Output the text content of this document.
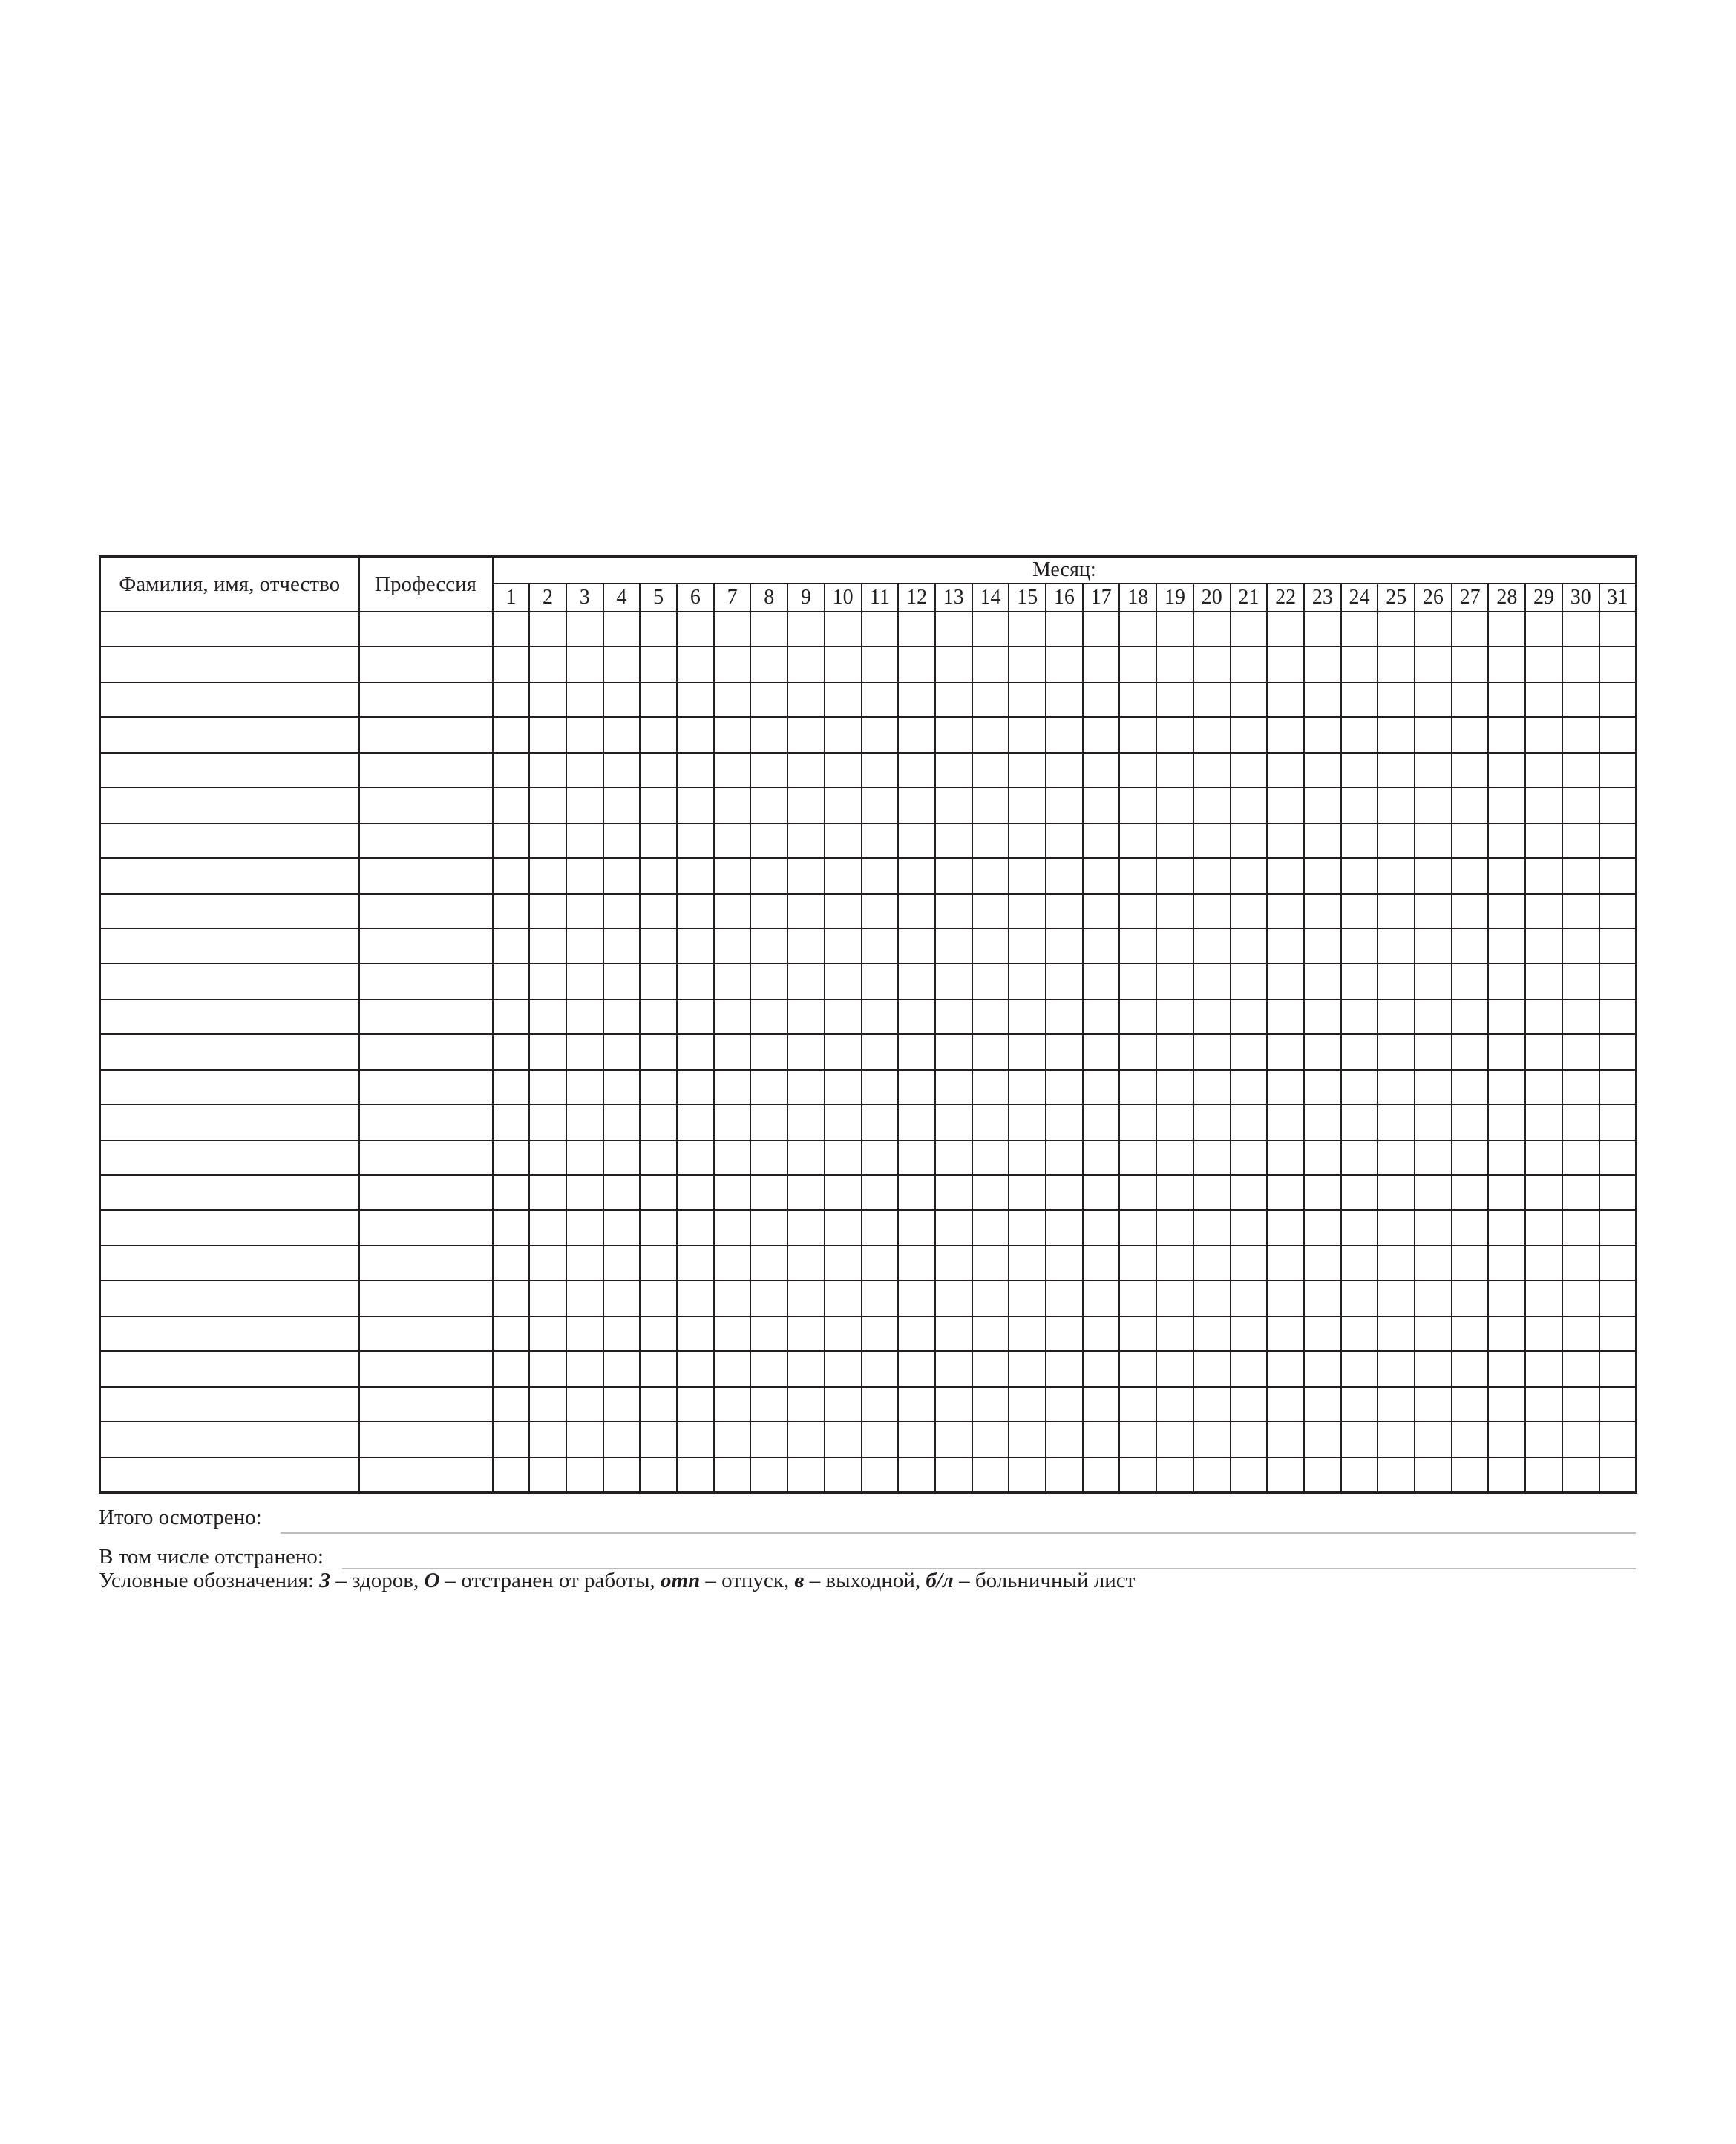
Фамилия, имя, отчество	Профессия	Месяц:																														
		1	2	3	4	5	6	7	8	9	10	11	12	13	14	15	16	17	18	19	20	21	22	23	24	25	26	27	28	29	30	31

Итого осмотрено:
В том числе отстранено:
Условные обозначения: З – здоров, О – отстранен от работы, отп – отпуск, в – выходной, б/л – больничный лист
